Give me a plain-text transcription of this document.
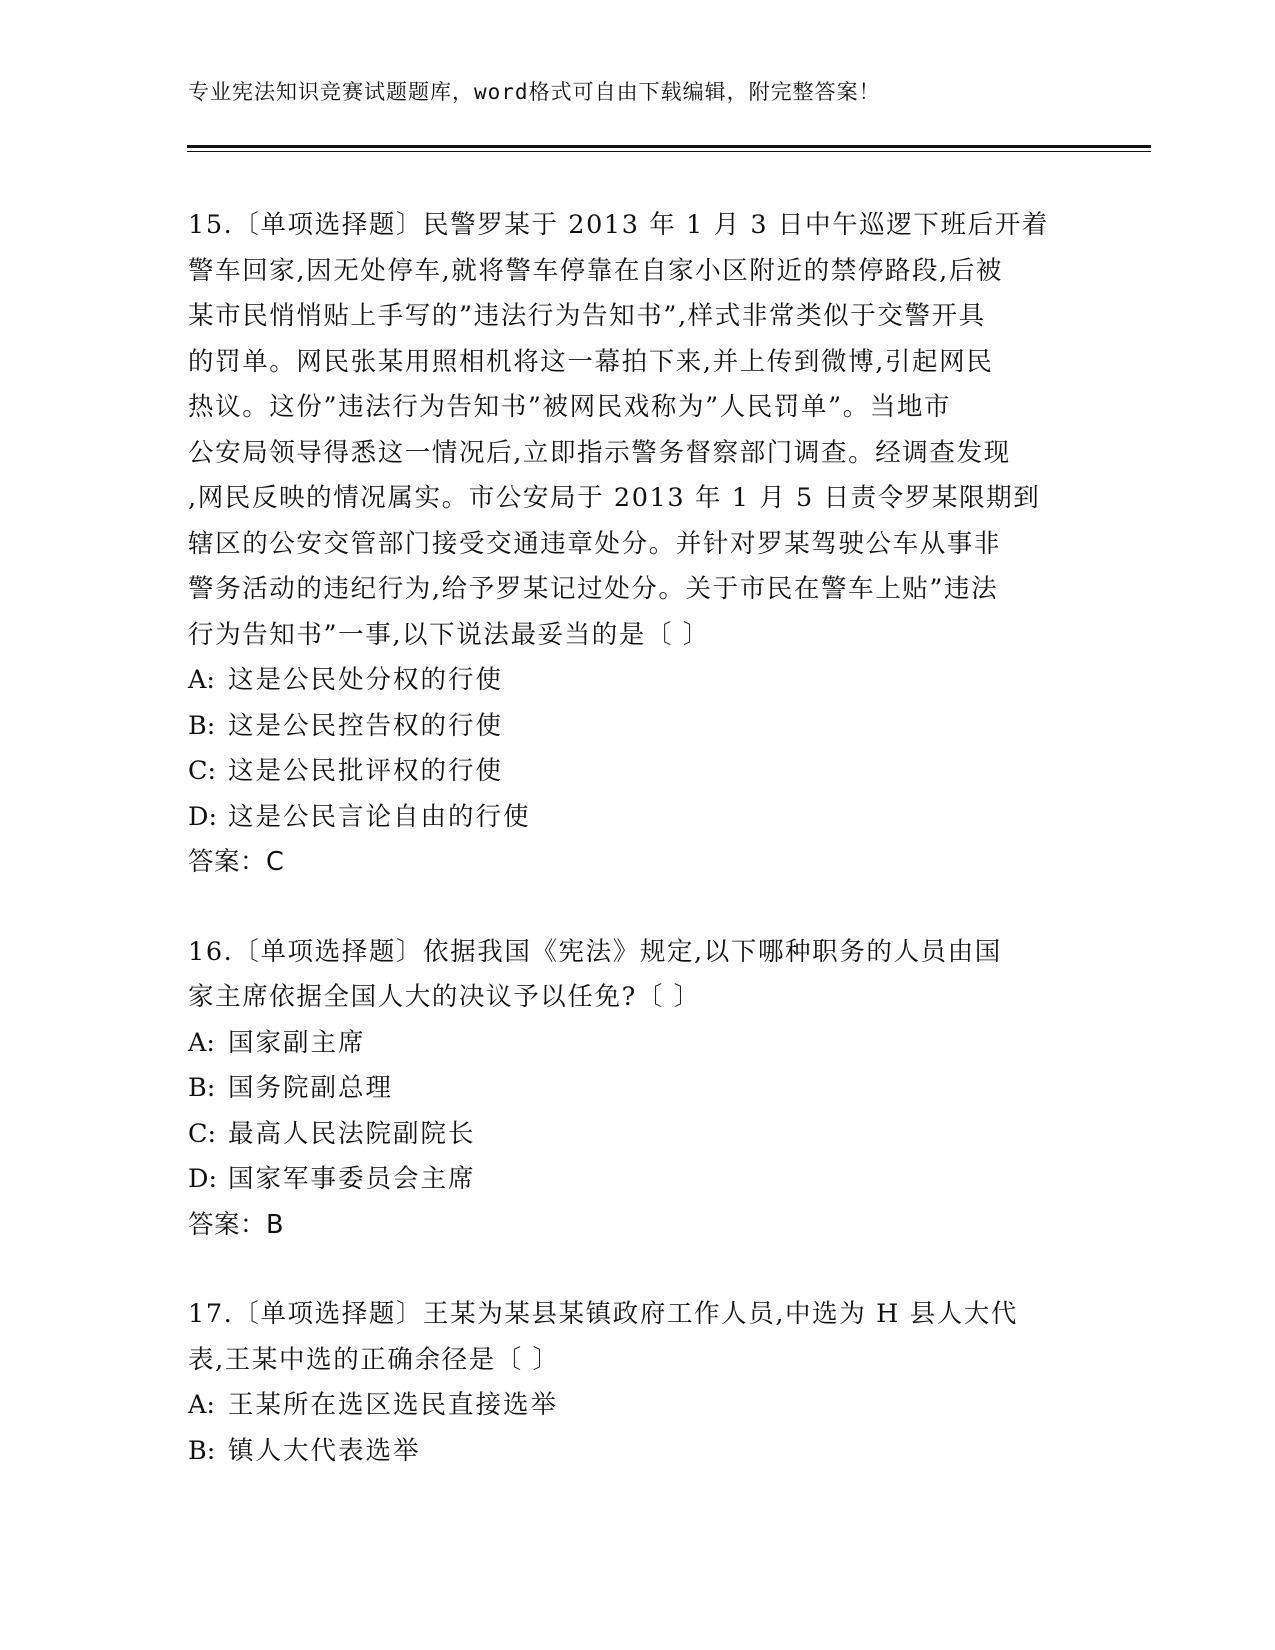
专业宪法知识竞赛试题题库，word格式可自由下载编辑，附完整答案！
15.〔单项选择题〕民警罗某于 2013 年 1 月 3 日中午巡逻下班后开着
警车回家,因无处停车,就将警车停靠在自家小区附近的禁停路段,后被
某市民悄悄贴上手写的”违法行为告知书”,样式非常类似于交警开具
的罚单。网民张某用照相机将这一幕拍下来,并上传到微博,引起网民
热议。这份”违法行为告知书”被网民戏称为”人民罚单”。当地市
公安局领导得悉这一情况后,立即指示警务督察部门调查。经调查发现
,网民反映的情况属实。市公安局于 2013 年 1 月 5 日责令罗某限期到
辖区的公安交管部门接受交通违章处分。并针对罗某驾驶公车从事非
警务活动的违纪行为,给予罗某记过处分。关于市民在警车上贴”违法
行为告知书”一事,以下说法最妥当的是〔 〕
A: 这是公民处分权的行使
B: 这是公民控告权的行使
C: 这是公民批评权的行使
D: 这是公民言论自由的行使
答案：C
16.〔单项选择题〕依据我国《宪法》规定,以下哪种职务的人员由国
家主席依据全国人大的决议予以任免?〔 〕
A: 国家副主席
B: 国务院副总理
C: 最高人民法院副院长
D: 国家军事委员会主席
答案：B
17.〔单项选择题〕王某为某县某镇政府工作人员,中选为 H 县人大代
表,王某中选的正确余径是〔 〕
A: 王某所在选区选民直接选举
B: 镇人大代表选举
